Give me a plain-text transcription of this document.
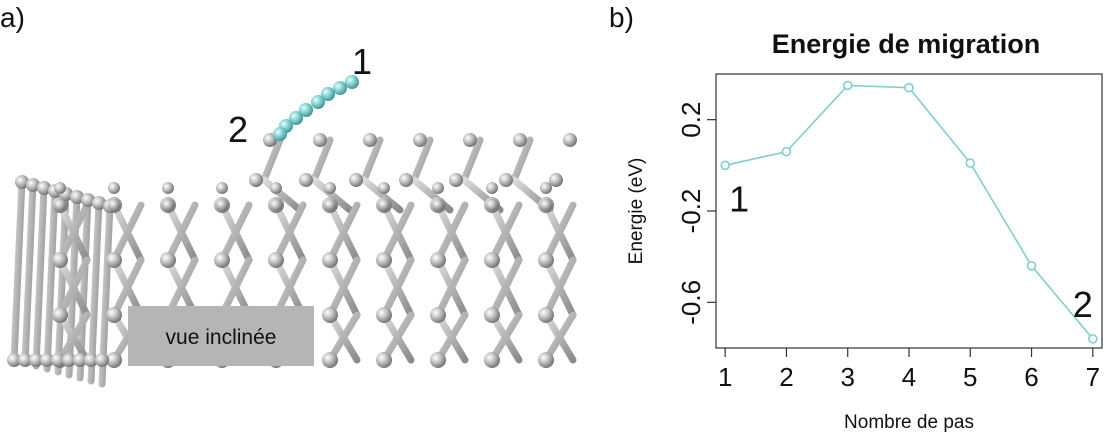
a)	b)
vue inclinée
1
2
Energie de migration
0.2
-0.2
-0.6
1 2 3 4 5 6 7
Energie (eV)
Nombre de pas
1
2
